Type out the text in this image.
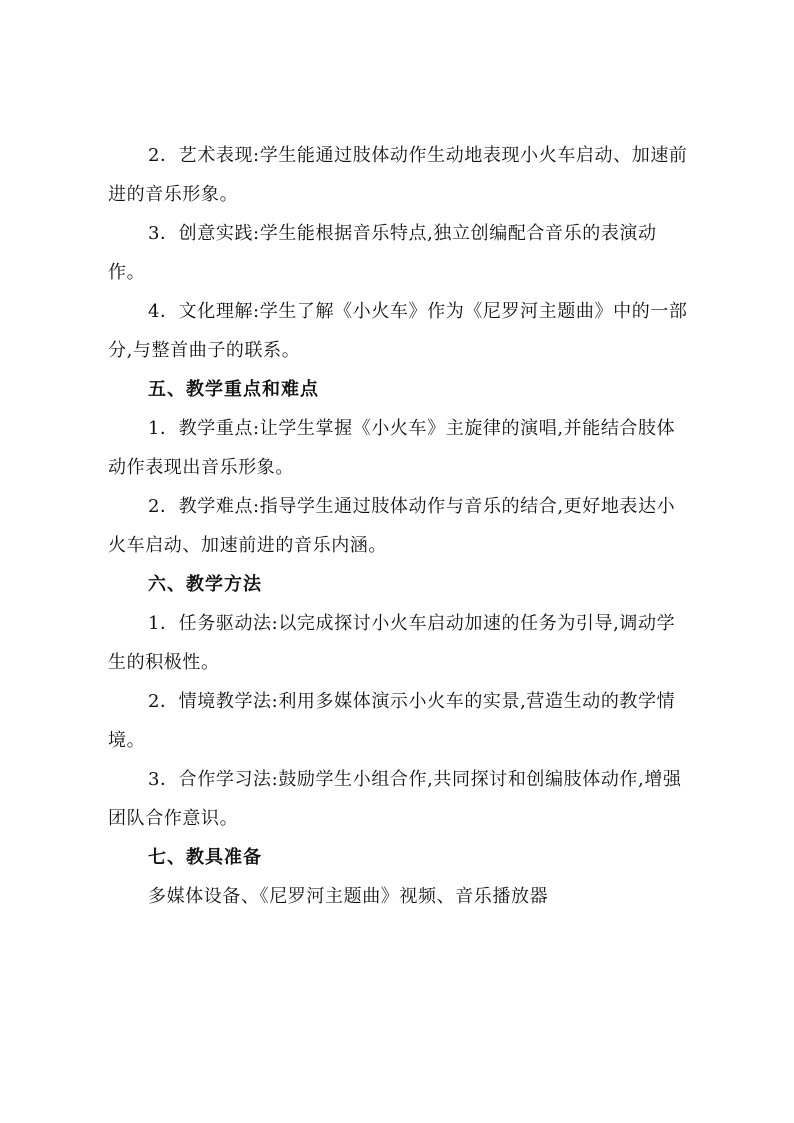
2．艺术表现:学生能通过肢体动作生动地表现小火车启动、加速前进的音乐形象。

3．创意实践:学生能根据音乐特点,独立创编配合音乐的表演动作。

4．文化理解:学生了解《小火车》作为《尼罗河主题曲》中的一部分,与整首曲子的联系。

五、教学重点和难点

1．教学重点:让学生掌握《小火车》主旋律的演唱,并能结合肢体动作表现出音乐形象。

2．教学难点:指导学生通过肢体动作与音乐的结合,更好地表达小火车启动、加速前进的音乐内涵。

六、教学方法

1．任务驱动法:以完成探讨小火车启动加速的任务为引导,调动学生的积极性。

2．情境教学法:利用多媒体演示小火车的实景,营造生动的教学情境。

3．合作学习法:鼓励学生小组合作,共同探讨和创编肢体动作,增强团队合作意识。

七、教具准备

多媒体设备、《尼罗河主题曲》视频、音乐播放器
